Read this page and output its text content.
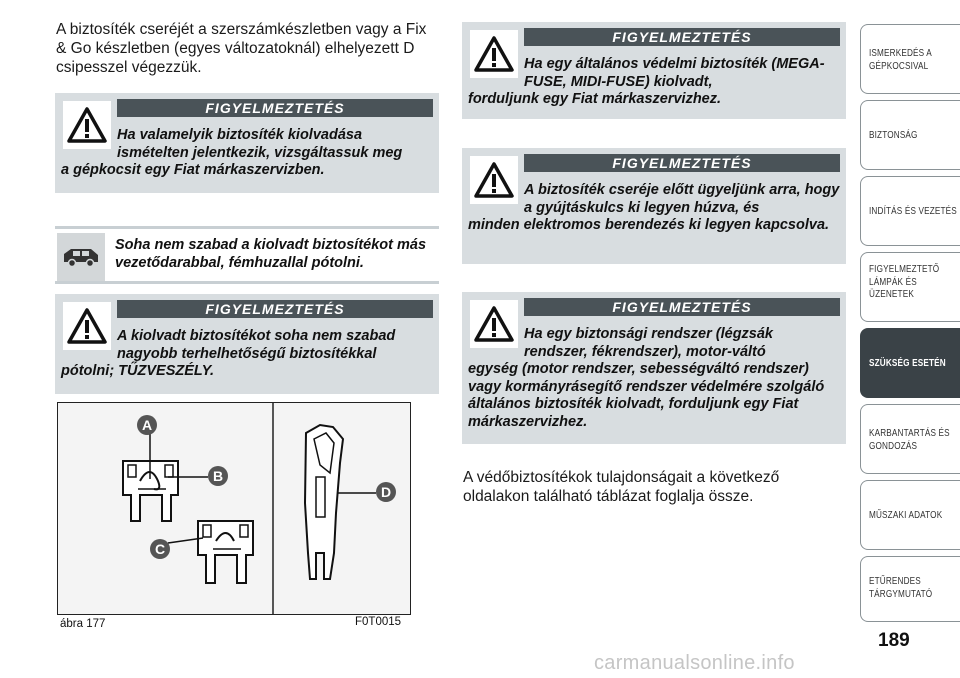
A biztosíték cseréjét a szerszámkészletben vagy a Fix & Go készletben (egyes változatoknál) elhelyezett D csipesszel végezzük.
FIGYELMEZTETÉS
Ha valamelyik biztosíték kiolvadása ismételten jelentkezik, vizsgáltassuk meg
a gépkocsit egy Fiat márkaszervizben.
Soha nem szabad a kiolvadt biztosítékot más vezetődarabbal, fémhuzallal pótolni.
FIGYELMEZTETÉS
A kiolvadt biztosítékot soha nem szabad nagyobb terhelhetőségű biztosítékkal
pótolni; TŰZVESZÉLY.
A
B
C
D
ábra 177	F0T0015
FIGYELMEZTETÉS
Ha egy általános védelmi biztosíték (MEGA-FUSE, MIDI-FUSE) kiolvadt,
forduljunk egy Fiat márkaszervizhez.
FIGYELMEZTETÉS
A biztosíték cseréje előtt ügyeljünk arra, hogy a gyújtáskulcs ki legyen húzva, és
minden elektromos berendezés ki legyen kapcsolva.
FIGYELMEZTETÉS
Ha egy biztonsági rendszer (légzsák rendszer, fékrendszer), motor-váltó
egység (motor rendszer, sebességváltó rendszer) vagy kormányrásegítő rendszer védelmére szolgáló általános biztosíték kiolvadt, forduljunk egy Fiat márkaszervizhez.
A védőbiztosítékok tulajdonságait a következő oldalakon található táblázat foglalja össze.
ISMERKEDÉS A GÉPKOCSIVAL
BIZTONSÁG
INDÍTÁS ÉS VEZETÉS
FIGYELMEZTETŐ LÁMPÁK ÉS ÜZENETEK
SZÜKSÉG ESETÉN
KARBANTARTÁS ÉS GONDOZÁS
MŰSZAKI ADATOK
ETŰRENDES TÁRGYMUTATÓ
189
carmanualsonline.info
